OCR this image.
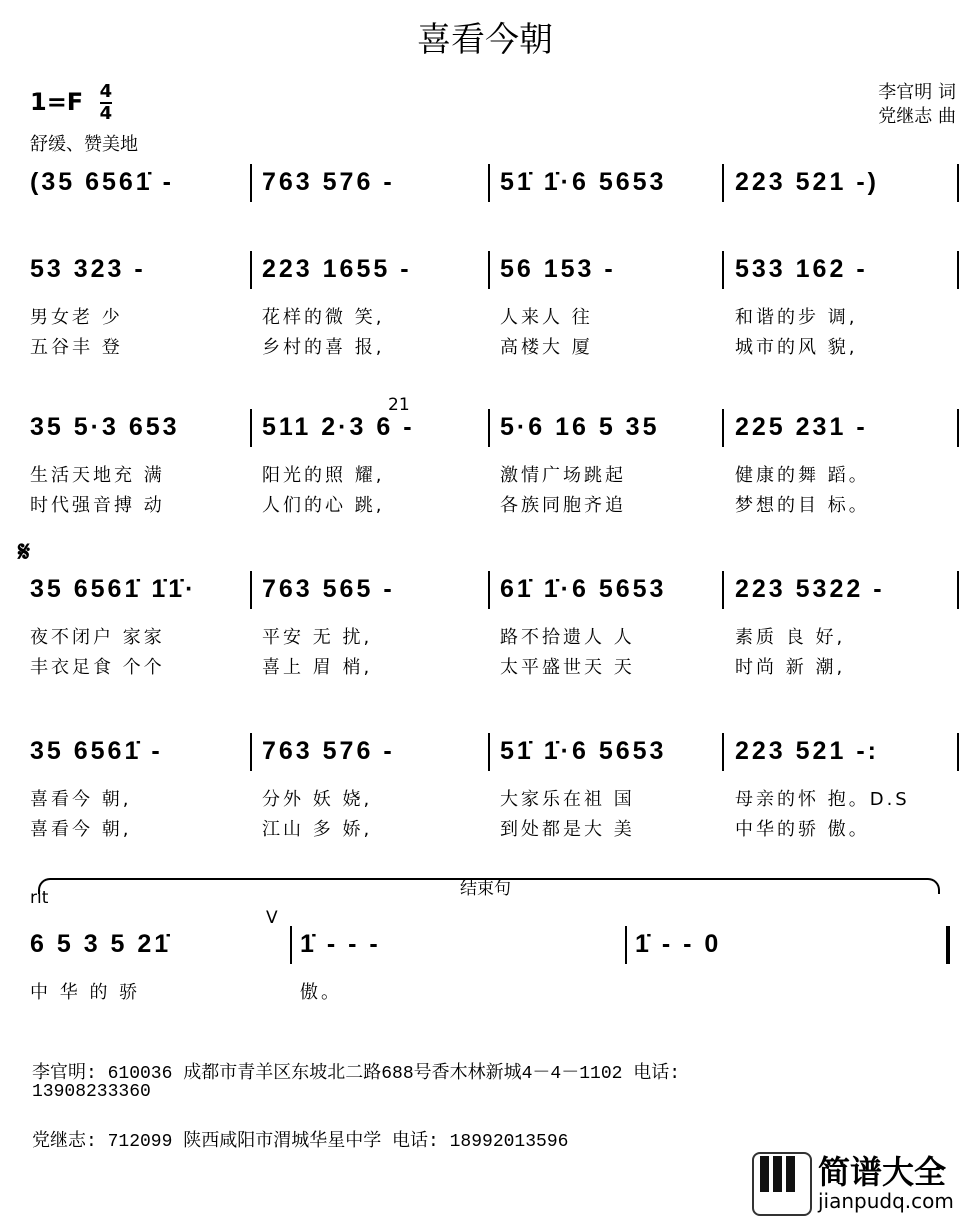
喜看今朝
$1=F \frac{4}{4}$	李官明 词
党继志 曲
舒缓、赞美地
(35 6561̇ -	763 576 -	51̇ 1̇·6 5653	223 521 -)
53 323 -	223 1655 -	56 153 -	533 162 -
男女老 少	花样的微 笑,	人来人 往	和谐的步 调,
五谷丰 登	乡村的喜 报,	高楼大 厦	城市的风 貌,
35 5·3 653	511 2·3 6 -	5·6 16 5 35	225 231 -
生活天地充 满	阳光的照 耀,	激情广场跳起	健康的舞 蹈。
时代强音搏 动	人们的心 跳,	各族同胞齐追	梦想的目 标。
21
35 6561̇ 1̇1̇·	763 565 -	61̇ 1̇·6 5653	223 5322 -
夜不闭户 家家	平安 无 扰,	路不拾遗人 人	素质 良 好,
丰衣足食 个个	喜上 眉 梢,	太平盛世天 天	时尚 新 潮,
𝄋
35 6561̇ -	763 576 -	51̇ 1̇·6 5653	223 521 -:
喜看今 朝,	分外 妖 娆,	大家乐在祖 国	母亲的怀 抱。D.S
喜看今 朝,	江山 多 娇,	到处都是大 美	中华的骄 傲。
6 5 3 5 21̇	1̇ - - -	1̇ - - 0
中 华 的 骄	傲。
rit	结束句
V
李官明: 610036 成都市青羊区东坡北二路688号香木林新城4－4－1102 电话:
13908233360
党继志: 712099 陕西咸阳市渭城华星中学 电话: 18992013596
简谱大全
jianpudq.com
